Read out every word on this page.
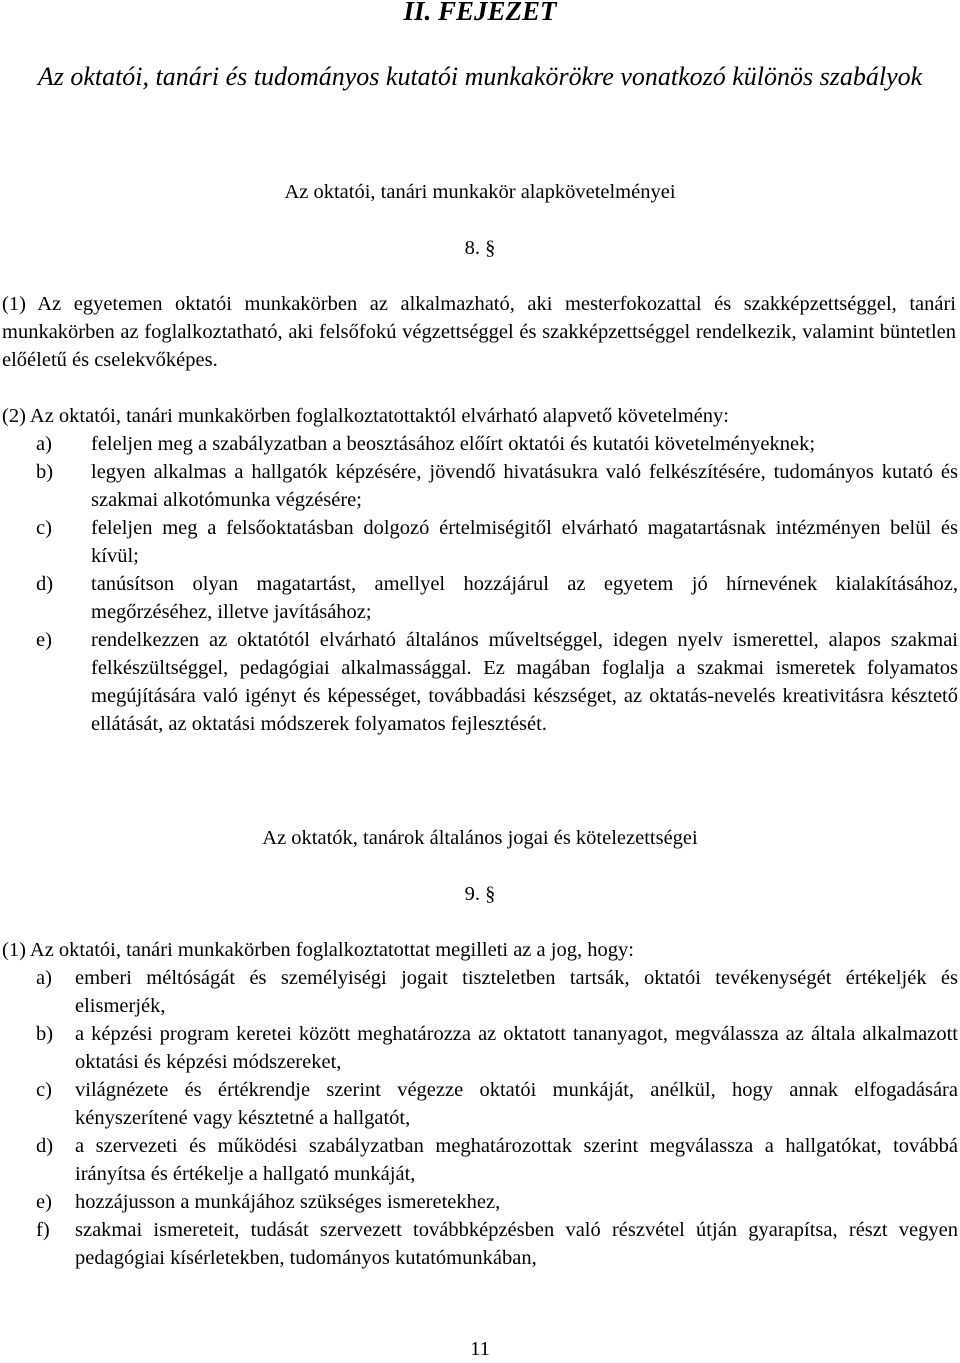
II. FEJEZET
Az oktatói, tanári és tudományos kutatói munkakörökre vonatkozó különös szabályok
Az oktatói, tanári munkakör alapkövetelményei
8. §
(1) Az egyetemen oktatói munkakörben az alkalmazható, aki mesterfokozattal és szakképzettséggel, tanári munkakörben az foglalkoztatható, aki felsőfokú végzettséggel és szakképzettséggel rendelkezik, valamint büntetlen előéletű és cselekvőképes.
(2) Az oktatói, tanári munkakörben foglalkoztatottaktól elvárható alapvető követelmény:
a) feleljen meg a szabályzatban a beosztásához előírt oktatói és kutatói követelményeknek;
b) legyen alkalmas a hallgatók képzésére, jövendő hivatásukra való felkészítésére, tudományos kutató és szakmai alkotómunka végzésére;
c) feleljen meg a felsőoktatásban dolgozó értelmiségitől elvárható magatartásnak intézményen belül és kívül;
d) tanúsítson olyan magatartást, amellyel hozzájárul az egyetem jó hírnevének kialakításához, megőrzéséhez, illetve javításához;
e) rendelkezzen az oktatótól elvárható általános műveltséggel, idegen nyelv ismerettel, alapos szakmai felkészültséggel, pedagógiai alkalmassággal. Ez magában foglalja a szakmai ismeretek folyamatos megújítására való igényt és képességet, továbbadási készséget, az oktatás-nevelés kreativitásra késztető ellátását, az oktatási módszerek folyamatos fejlesztését.
Az oktatók, tanárok általános jogai és kötelezettségei
9. §
(1) Az oktatói, tanári munkakörben foglalkoztatottat megilleti az a jog, hogy:
a) emberi méltóságát és személyiségi jogait tiszteletben tartsák, oktatói tevékenységét értékeljék és elismerjék,
b) a képzési program keretei között meghatározza az oktatott tananyagot, megválassza az általa alkalmazott oktatási és képzési módszereket,
c) világnézete és értékrendje szerint végezze oktatói munkáját, anélkül, hogy annak elfogadására kényszerítené vagy késztetné a hallgatót,
d) a szervezeti és működési szabályzatban meghatározottak szerint megválassza a hallgatókat, továbbá irányítsa és értékelje a hallgató munkáját,
e) hozzájusson a munkájához szükséges ismeretekhez,
f) szakmai ismereteit, tudását szervezett továbbképzésben való részvétel útján gyarapítsa, részt vegyen pedagógiai kísérletekben, tudományos kutatómunkában,
11
